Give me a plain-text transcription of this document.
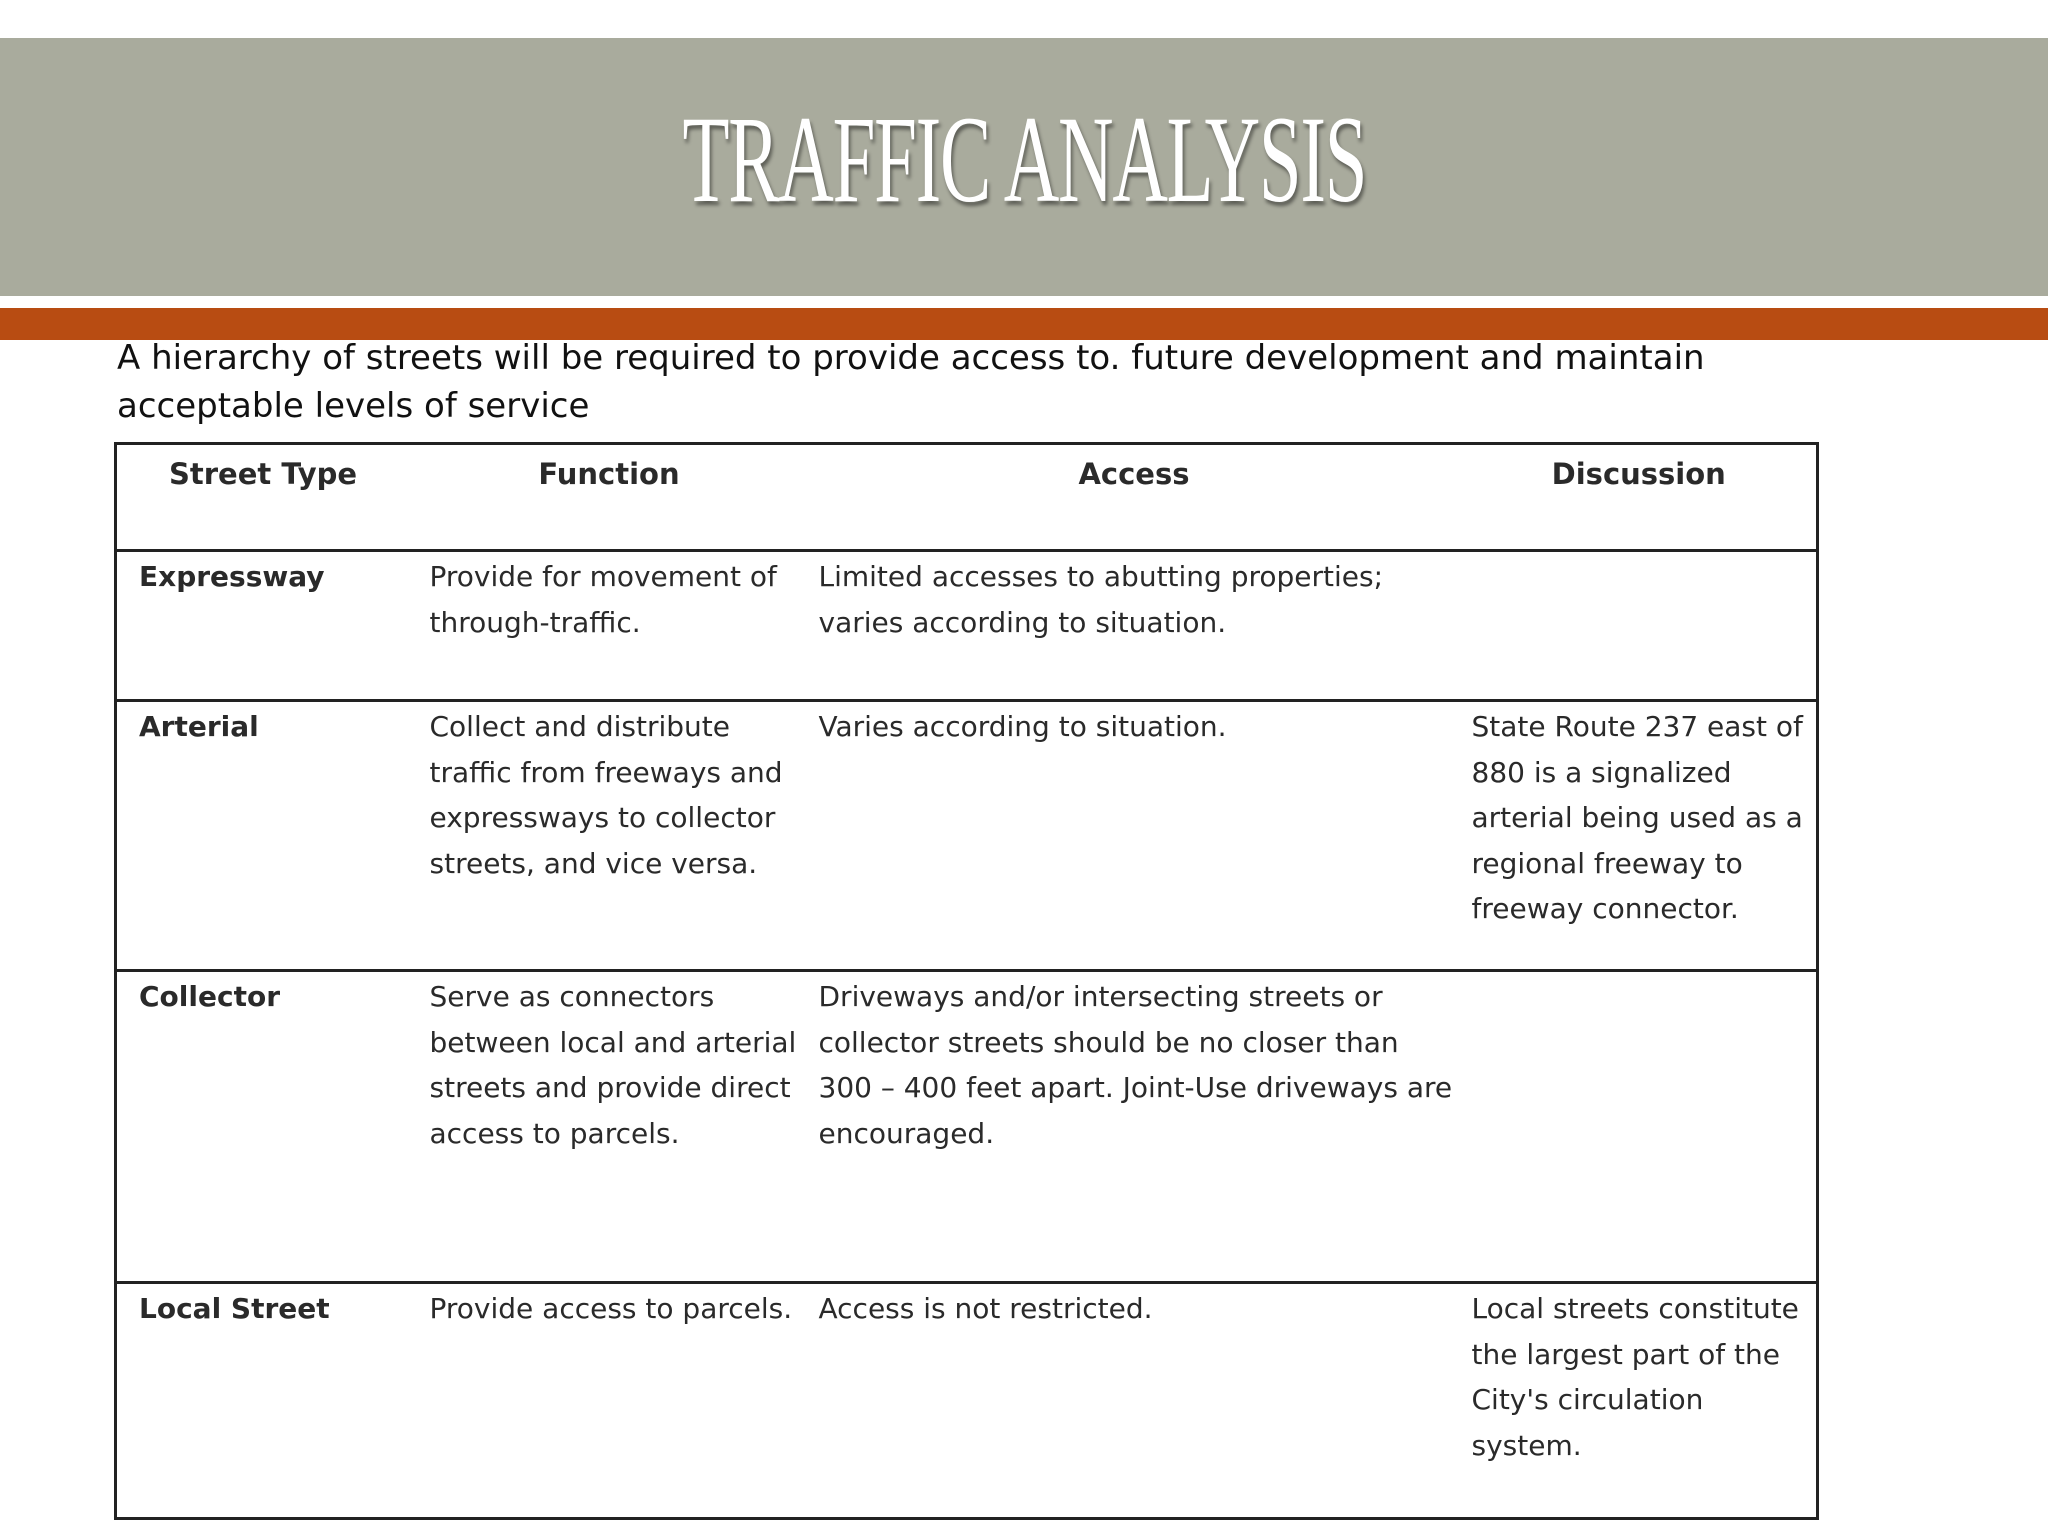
TRAFFIC ANALYSIS
A hierarchy of streets will be required to provide access to. future development and maintain acceptable levels of service
Street Type	Function	Access	Discussion
Expressway	Provide for movement of through-traffic.	Limited accesses to abutting properties; varies according to situation.	
Arterial	Collect and distribute traffic from freeways and expressways to collector streets, and vice versa.	Varies according to situation.	State Route 237 east of 880 is a signalized arterial being used as a regional freeway to freeway connector.
Collector	Serve as connectors between local and arterial streets and provide direct access to parcels.	Driveways and/or intersecting streets or collector streets should be no closer than 300 – 400 feet apart. Joint-Use driveways are encouraged.	
Local Street	Provide access to parcels.	Access is not restricted.	Local streets constitute the largest part of the City's circulation system.
